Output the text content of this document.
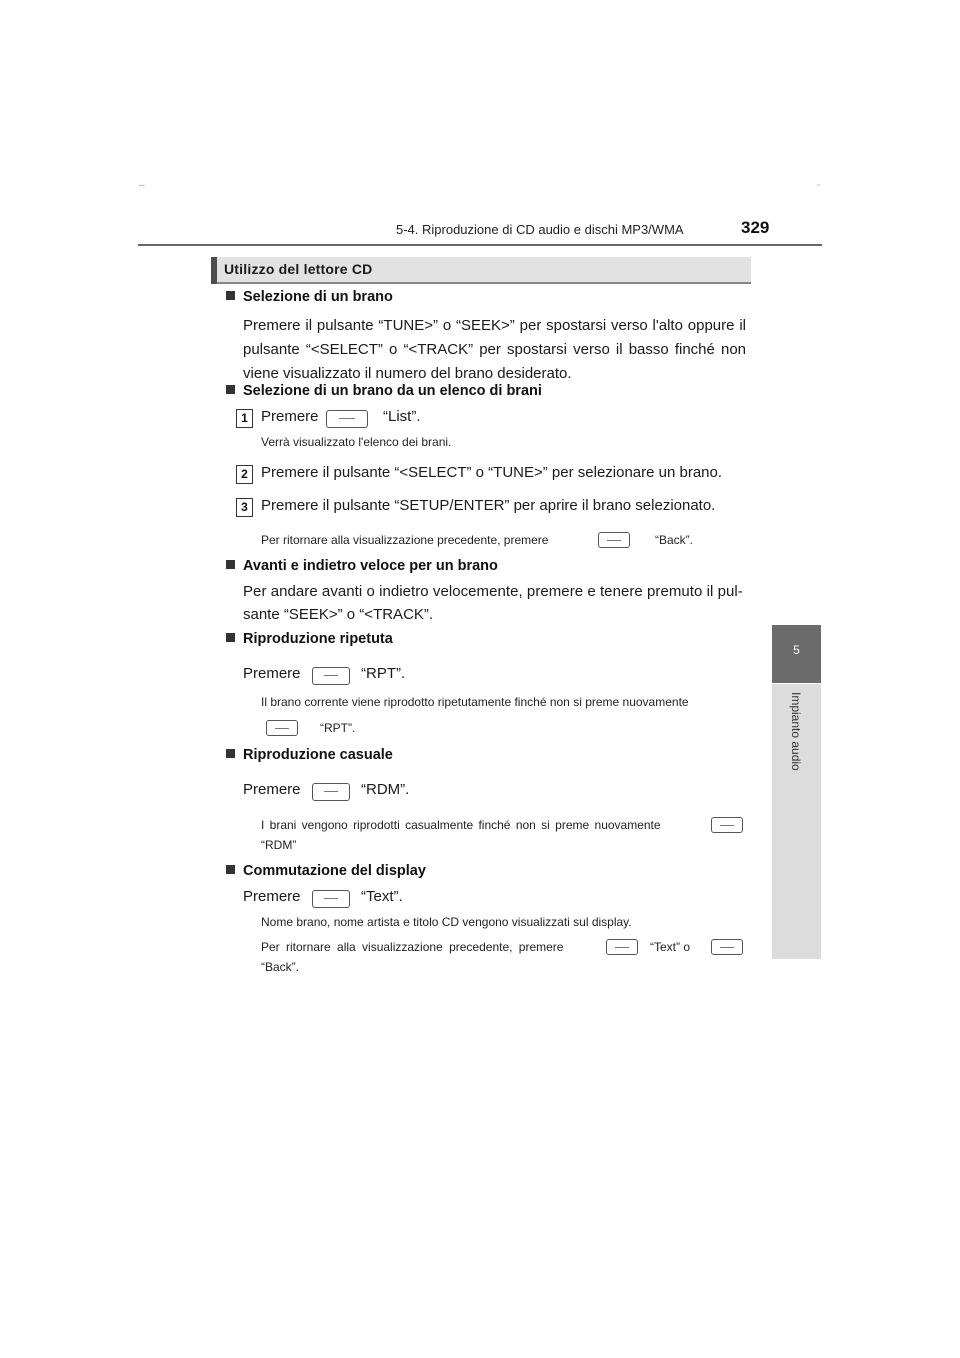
–	-
5-4. Riproduzione di CD audio e dischi MP3/WMA	329
5
Impianto audio
Utilizzo del lettore CD
Selezione di un brano
Premere il pulsante “TUNE>” o “SEEK>” per spostarsi verso l'alto oppure il pulsante “<SELECT” o “<TRACK” per spostarsi verso il basso finché non viene visualizzato il numero del brano desiderato.
Selezione di un brano da un elenco di brani
1 Premere	“List”.
Verrà visualizzato l'elenco dei brani.
2 Premere il pulsante “<SELECT” o “TUNE>” per selezionare un brano.
3 Premere il pulsante “SETUP/ENTER” per aprire il brano selezionato.
Per ritornare alla visualizzazione precedente, premere	“Back”.
Avanti e indietro veloce per un brano
Per andare avanti o indietro velocemente, premere e tenere premuto il pul-
sante “SEEK>” o “<TRACK”.
Riproduzione ripetuta
Premere	“RPT”.
Il brano corrente viene riprodotto ripetutamente finché non si preme nuovamente
“RPT”.
Riproduzione casuale
Premere	“RDM”.
I brani vengono riprodotti casualmente finché non si preme nuovamente
“RDM”
Commutazione del display
Premere	“Text”.
Nome brano, nome artista e titolo CD vengono visualizzati sul display.
Per ritornare alla visualizzazione precedente, premere	“Text” o
“Back”.
